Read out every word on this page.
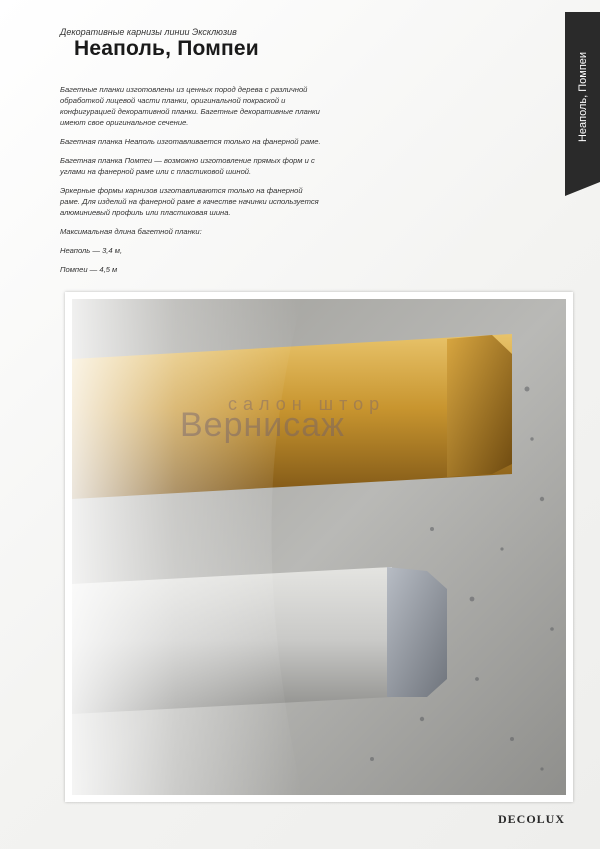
Декоративные карнизы линии Эксклюзив
Неаполь, Помпеи

Багетные планки изготовлены из ценных пород дерева с различной обработкой лицевой части планки, оригинальной покраской и конфигурацией декоративной планки. Багетные декоративные планки имеют свое оригинальное сечение.

Багетная планка Неаполь изготавливается только на фанерной раме.

Багетная планка Помпеи — возможно изготовление прямых форм и с углами на фанерной раме или с пластиковой шиной.

Эркерные формы карнизов изготавливаются только на фанерной раме. Для изделий на фанерной раме в качестве начинки используется алюминиевый профиль или пластиковая шина.

Максимальная длина багетной планки:

Неаполь — 3,4 м,

Помпеи — 4,5 м

Неаполь, Помпеи
салон штор
Вернисаж
DECOLUX
